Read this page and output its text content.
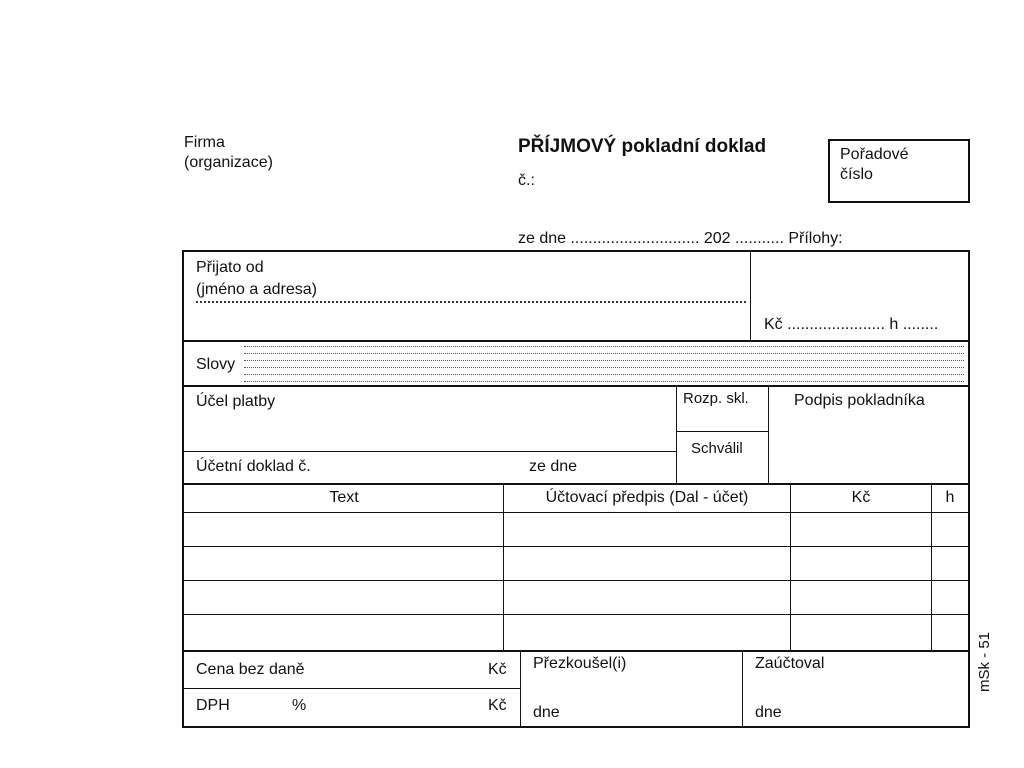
Firma
(organizace)
PŘÍJMOVÝ pokladní doklad
č.:
Pořadové
číslo
ze dne ............................. 202 ........... Přílohy:
Přijato od
(jméno a adresa)
Kč ...................... h ........
Slovy
Účel platby	Rozp. skl.
Schválil
Podpis pokladníka
Účetní doklad č.	ze dne
Text	Účtovací předpis (Dal - účet)	Kč	h
Cena bez daně	Kč
DPH	%	Kč
Přezkoušel(i)
dne
Zaúčtoval
dne
mSk - 51
